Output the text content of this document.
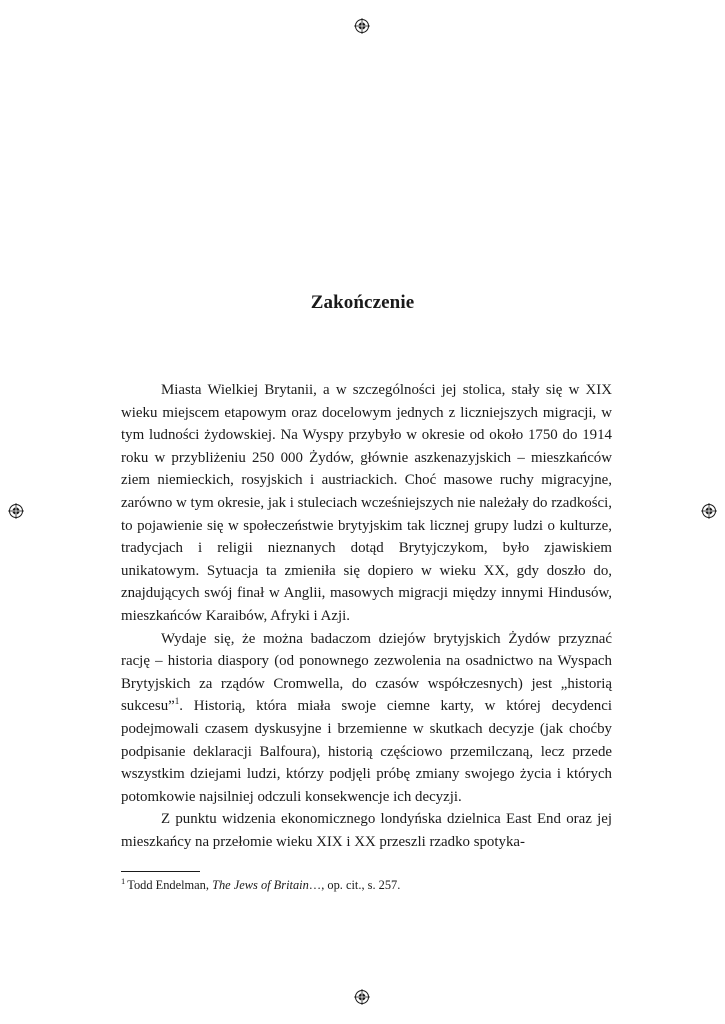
Zakończenie

Miasta Wielkiej Brytanii, a w szczególności jej stolica, stały się w XIX wieku miejscem etapowym oraz docelowym jednych z liczniejszych migracji, w tym ludności żydowskiej. Na Wyspy przybyło w okresie od około 1750 do 1914 roku w przybliżeniu 250 000 Żydów, głównie aszkenazyjskich – mieszkańców ziem niemieckich, rosyjskich i austriackich. Choć masowe ruchy migracyjne, zarówno w tym okresie, jak i stuleciach wcześniejszych nie należały do rzadkości, to pojawienie się w społeczeństwie brytyjskim tak licznej grupy ludzi o kulturze, tradycjach i religii nieznanych dotąd Brytyjczykom, było zjawiskiem unikatowym. Sytuacja ta zmieniła się dopiero w wieku XX, gdy doszło do, znajdujących swój finał w Anglii, masowych migracji między innymi Hindusów, mieszkańców Karaibów, Afryki i Azji.

Wydaje się, że można badaczom dziejów brytyjskich Żydów przyznać rację – historia diaspory (od ponownego zezwolenia na osadnictwo na Wyspach Brytyjskich za rządów Cromwella, do czasów współczesnych) jest „historią sukcesu”$^1$. Historią, która miała swoje ciemne karty, w której decydenci podejmowali czasem dyskusyjne i brzemienne w skutkach decyzje (jak choćby podpisanie deklaracji Balfoura), historią częściowo przemilczaną, lecz przede wszystkim dziejami ludzi, którzy podjęli próbę zmiany swojego życia i których potomkowie najsilniej odczuli konsekwencje ich decyzji.

Z punktu widzenia ekonomicznego londyńska dzielnica East End oraz jej mieszkańcy na przełomie wieku XIX i XX przeszli rzadko spotyka-

$^1$ Todd Endelman, The Jews of Britain…, op. cit., s. 257.
